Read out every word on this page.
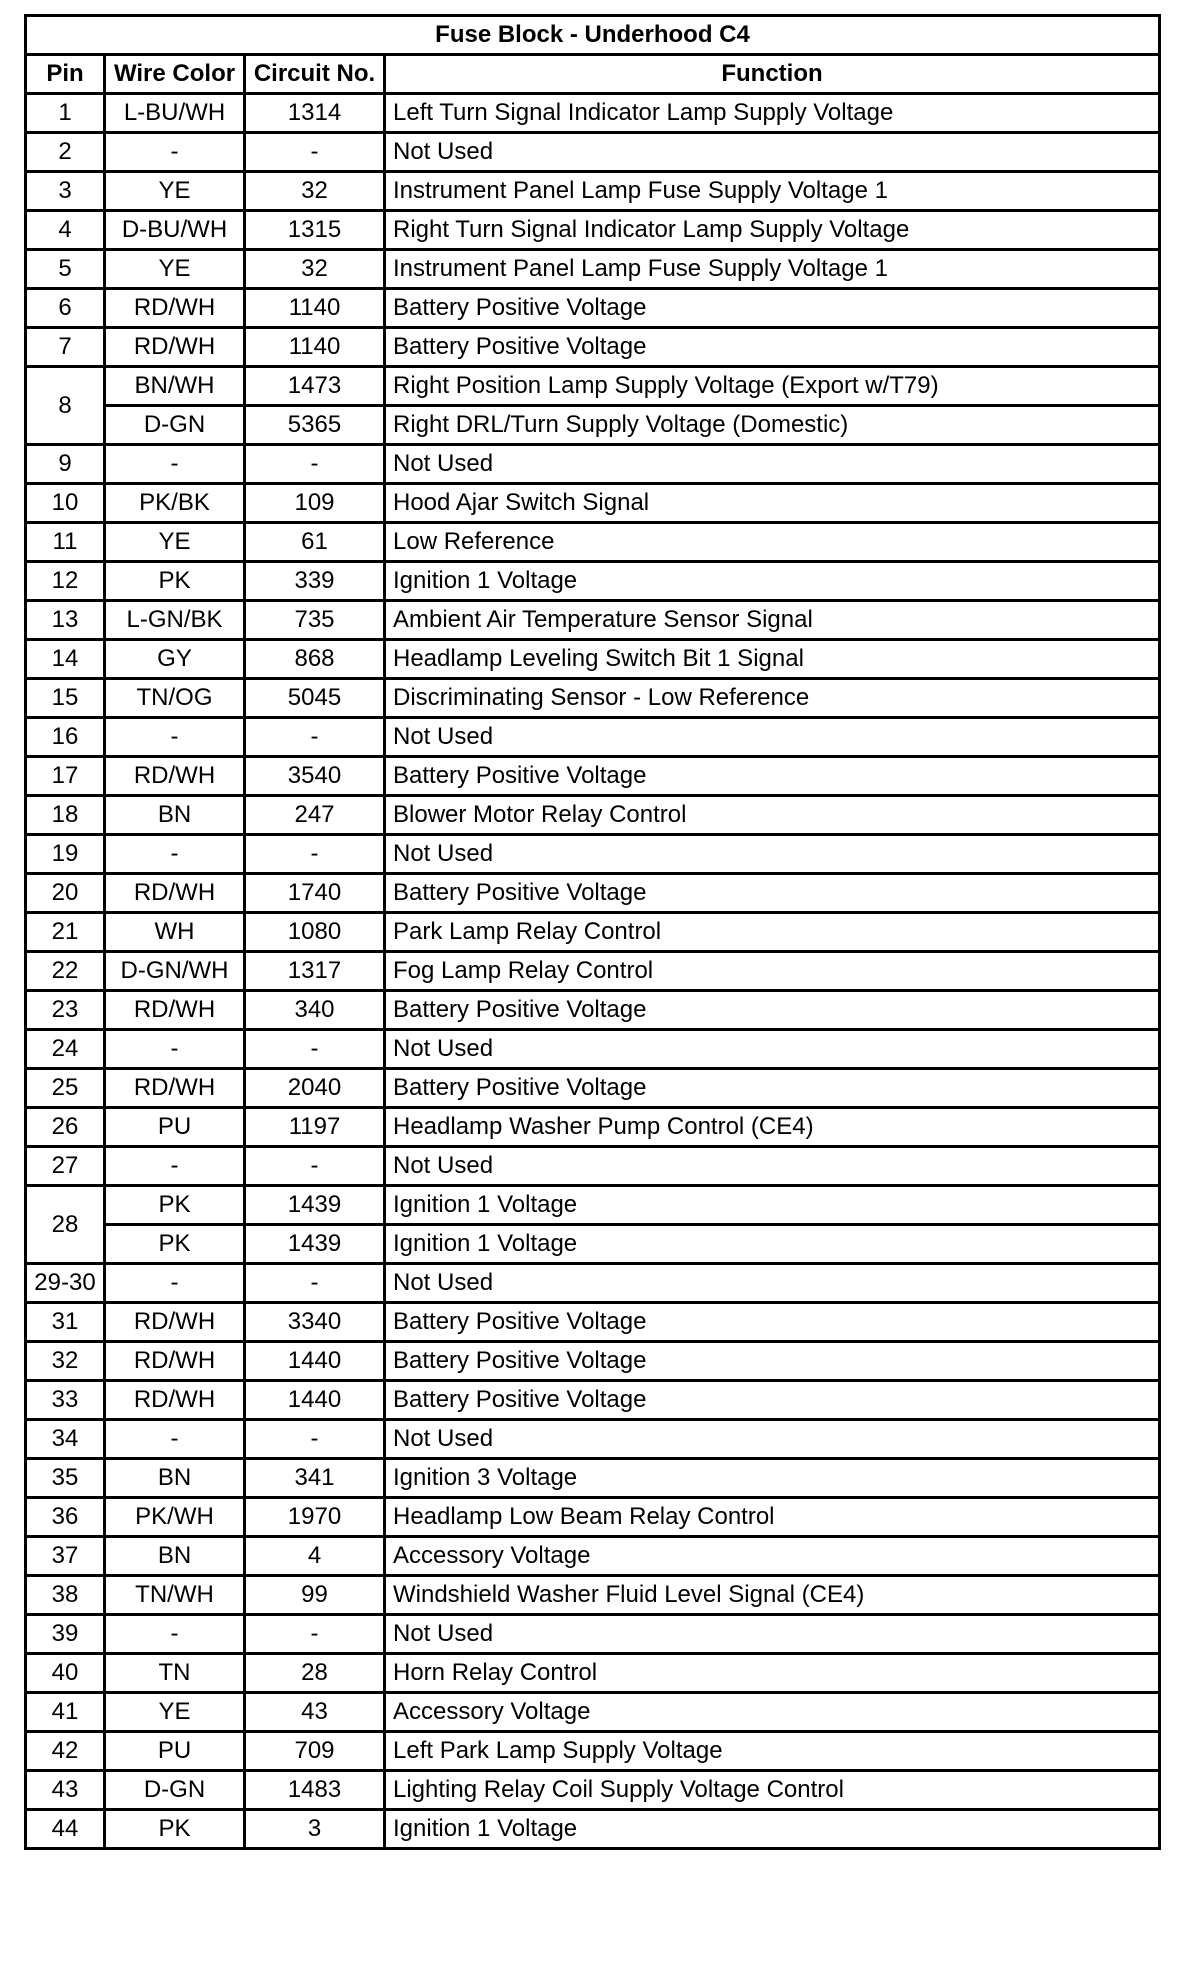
Fuse Block - Underhood C4			
Pin	Wire Color	Circuit No.	Function
1	L-BU/WH	1314	Left Turn Signal Indicator Lamp Supply Voltage
2	-	-	Not Used
3	YE	32	Instrument Panel Lamp Fuse Supply Voltage 1
4	D-BU/WH	1315	Right Turn Signal Indicator Lamp Supply Voltage
5	YE	32	Instrument Panel Lamp Fuse Supply Voltage 1
6	RD/WH	1140	Battery Positive Voltage
7	RD/WH	1140	Battery Positive Voltage
8	BN/WH	1473	Right Position Lamp Supply Voltage (Export w/T79)
	D-GN	5365	Right DRL/Turn Supply Voltage (Domestic)
9	-	-	Not Used
10	PK/BK	109	Hood Ajar Switch Signal
11	YE	61	Low Reference
12	PK	339	Ignition 1 Voltage
13	L-GN/BK	735	Ambient Air Temperature Sensor Signal
14	GY	868	Headlamp Leveling Switch Bit 1 Signal
15	TN/OG	5045	Discriminating Sensor - Low Reference
16	-	-	Not Used
17	RD/WH	3540	Battery Positive Voltage
18	BN	247	Blower Motor Relay Control
19	-	-	Not Used
20	RD/WH	1740	Battery Positive Voltage
21	WH	1080	Park Lamp Relay Control
22	D-GN/WH	1317	Fog Lamp Relay Control
23	RD/WH	340	Battery Positive Voltage
24	-	-	Not Used
25	RD/WH	2040	Battery Positive Voltage
26	PU	1197	Headlamp Washer Pump Control (CE4)
27	-	-	Not Used
28	PK	1439	Ignition 1 Voltage
	PK	1439	Ignition 1 Voltage
29-30	-	-	Not Used
31	RD/WH	3340	Battery Positive Voltage
32	RD/WH	1440	Battery Positive Voltage
33	RD/WH	1440	Battery Positive Voltage
34	-	-	Not Used
35	BN	341	Ignition 3 Voltage
36	PK/WH	1970	Headlamp Low Beam Relay Control
37	BN	4	Accessory Voltage
38	TN/WH	99	Windshield Washer Fluid Level Signal (CE4)
39	-	-	Not Used
40	TN	28	Horn Relay Control
41	YE	43	Accessory Voltage
42	PU	709	Left Park Lamp Supply Voltage
43	D-GN	1483	Lighting Relay Coil Supply Voltage Control
44	PK	3	Ignition 1 Voltage
